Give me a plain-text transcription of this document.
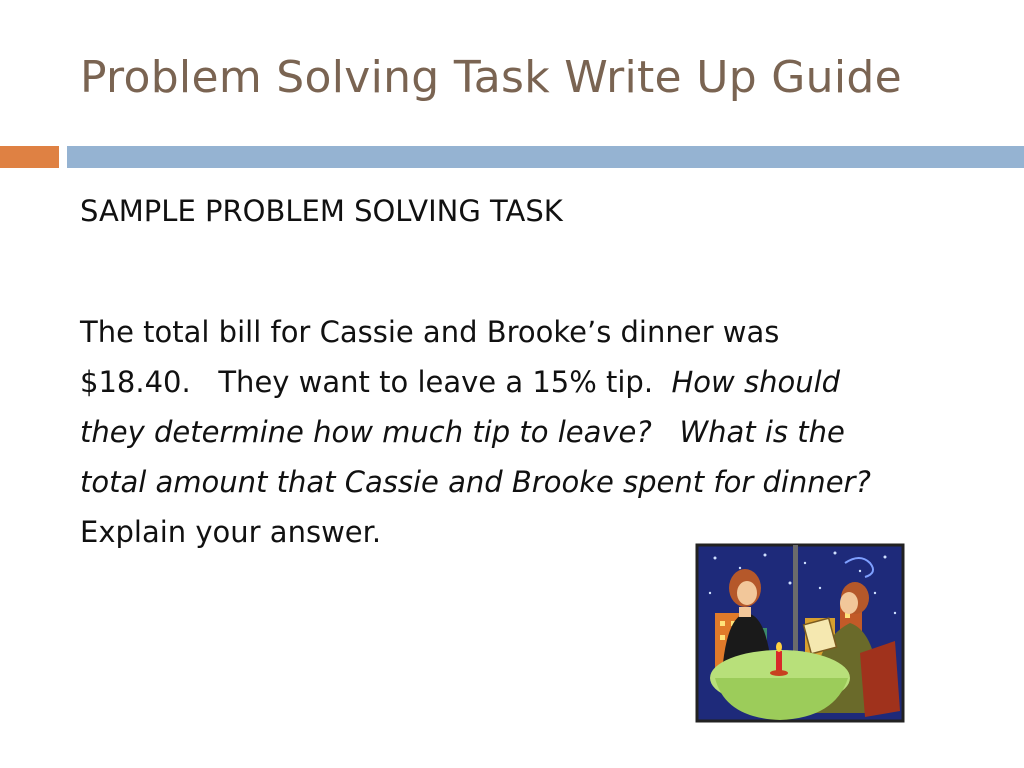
Problem Solving Task Write Up Guide
SAMPLE PROBLEM SOLVING TASK

The total bill for Cassie and Brooke’s dinner was

$18.40.   They want to leave a 15% tip.  How should

they determine how much tip to leave?   What is the

total amount that Cassie and Brooke spent for dinner?

Explain your answer.
